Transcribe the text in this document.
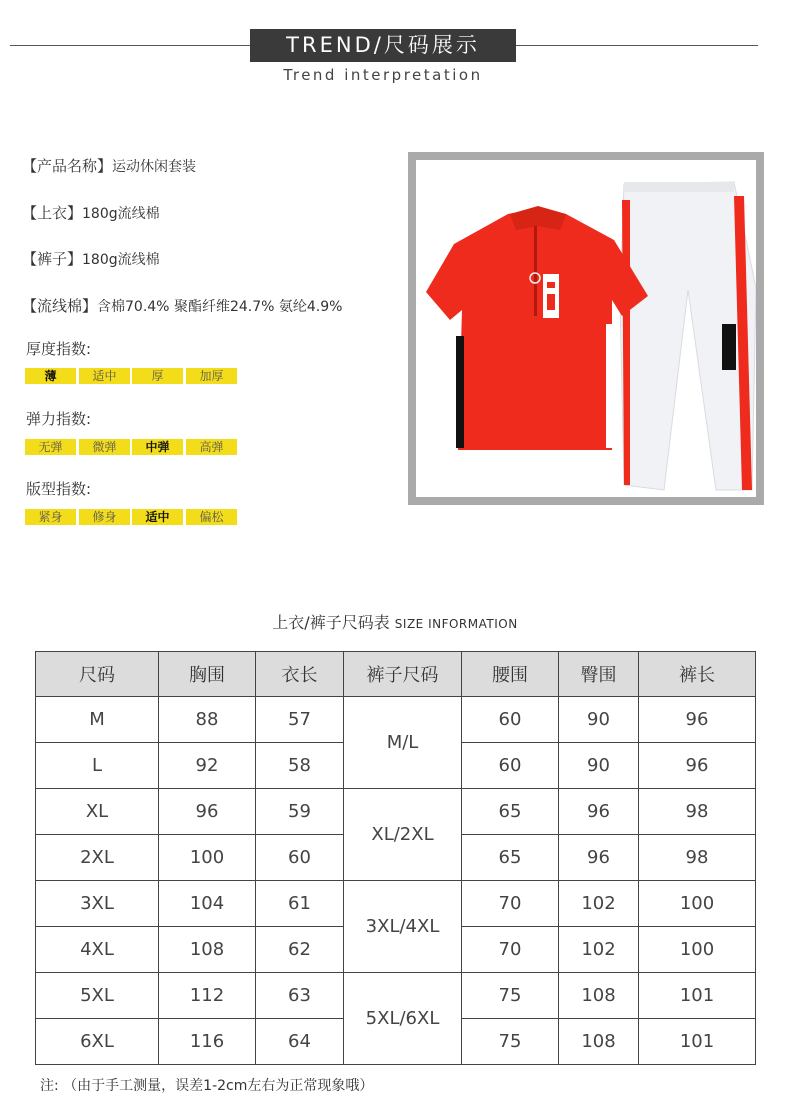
TREND/尺码展示
Trend interpretation
【产品名称】运动休闲套装
【上衣】180g流线棉
【裤子】180g流线棉
【流线棉】含棉70.4% 聚酯纤维24.7% 氨纶4.9%
厚度指数:
薄	适中	厚	加厚
弹力指数:
无弹	微弹	中弹	高弹
版型指数:
紧身	修身	适中	偏松
上衣/裤子尺码表 SIZE INFORMATION
尺码	胸围	衣长	裤子尺码	腰围	臀围	裤长
M	88	57	M/L	60	90	96
L	92	58		60	90	96
XL	96	59	XL/2XL	65	96	98
2XL	100	60		65	96	98
3XL	104	61	3XL/4XL	70	102	100
4XL	108	62		70	102	100
5XL	112	63	5XL/6XL	75	108	101
6XL	116	64		75	108	101
注: （由于手工测量，误差1-2cm左右为正常现象哦）
